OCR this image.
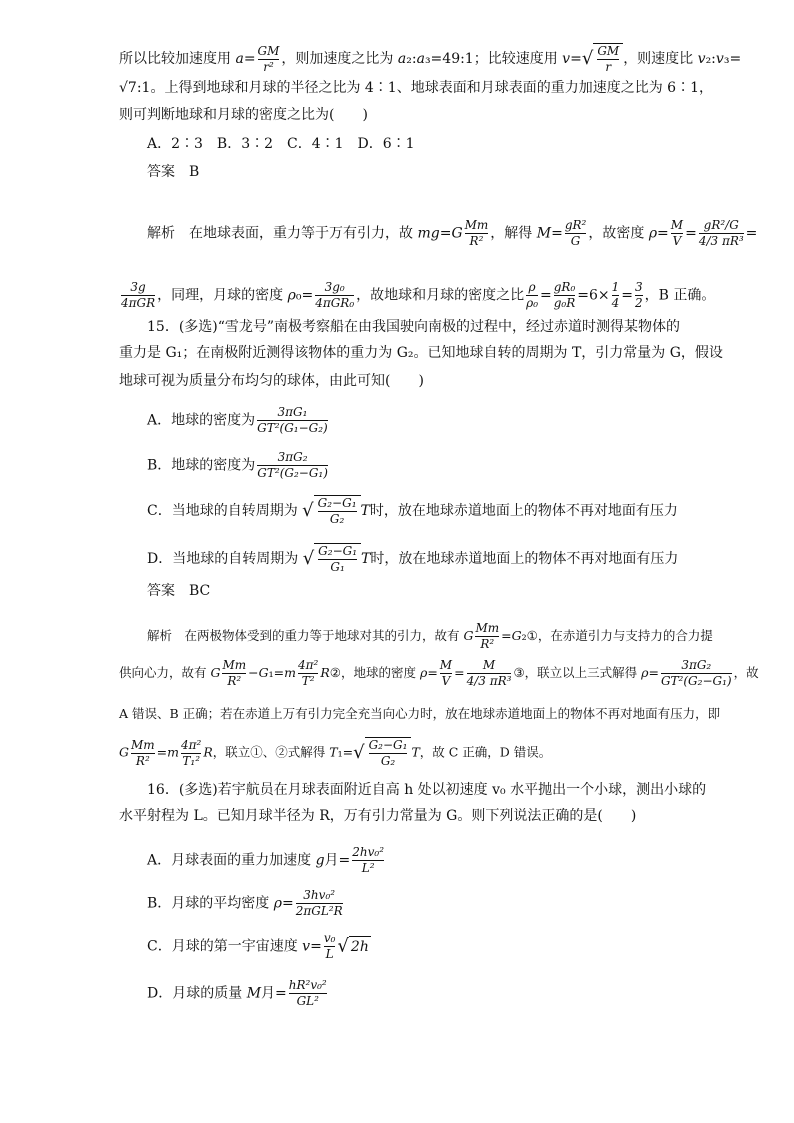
所以比较加速度用 $a= \frac{GM}{\text{r²}}$ ，则加速度之比为 a₂:a₃=49:1；比较速度用 $v=√ \frac{GM}{r}$ ，则速度比 v₂:v₃=
√7:1。上得到地球和月球的半径之比为 4∶1、地球表面和月球表面的重力加速度之比为 6∶1，
则可判断地球和月球的密度之比为(　　)
A．2∶3　B．3∶2　C．4∶1　D．6∶1
答案　B
解析　在地球表面，重力等于万有引力，故 $mg=G \frac{Mm}{\text{R²}}$ ，解得 $M= \frac{\text{gR²}}{G}$ ，故密度 $\rho= \frac{M}{V} = \frac{\text{gR²/G}}{\text{4/3 πR³}}$ =
$\frac{3g}{\text{4πGR}}$ ，同理，月球的密度 $\rho_0= \frac{\text{3g₀}}{\text{4πGR₀}}$ ，故地球和月球的密度之比 $\frac{\rho}{\text{ρ₀}} = \frac{\text{gR₀}}{\text{g₀R}} =6\times \frac{1}{4} = \frac{3}{2}$ ，B 正确。
15．(多选)“雪龙号”南极考察船在由我国驶向南极的过程中，经过赤道时测得某物体的
重力是 G₁；在南极附近测得该物体的重力为 G₂。已知地球自转的周期为 T，引力常量为 G，假设
地球可视为质量分布均匀的球体，由此可知(　　)
A．地球的密度为 $\frac{\text{3πG₁}}{\text{GT²(G₁−G₂)}}$
B．地球的密度为 $\frac{\text{3πG₂}}{\text{GT²(G₂−G₁)}}$
C．当地球的自转周期为 √ $\frac{\text{G₂−G₁}}{\text{G₂}}$ T时，放在地球赤道地面上的物体不再对地面有压力
D．当地球的自转周期为 √ $\frac{\text{G₂−G₁}}{\text{G₁}}$ T时，放在地球赤道地面上的物体不再对地面有压力
答案　BC
解析　在两极物体受到的重力等于地球对其的引力，故有 G $\frac{Mm}{\text{R²}}$ =G₂①，在赤道引力与支持力的合力提
供向心力，故有 G $\frac{Mm}{\text{R²}} -G_1=m \frac{\text{4π²}}{\text{T²}}$ R②，地球的密度 $\rho= \frac{M}{V} = \frac{M}{\text{4/3 πR³}}$ ③，联立以上三式解得 $\rho= \frac{\text{3πG₂}}{\text{GT²(G₂−G₁)}}$ ，故
A 错误、B 正确；若在赤道上万有引力完全充当向心力时，放在地球赤道地面上的物体不再对地面有压力，即
G $\frac{Mm}{\text{R²}} =m \frac{\text{4π²}}{\text{T₁²}}$ R，联立①、②式解得 $T_1=√ \frac{\text{G₂−G₁}}{\text{G₂}}$ T，故 C 正确，D 错误。
16．(多选)若宇航员在月球表面附近自高 h 处以初速度 v₀ 水平抛出一个小球，测出小球的
水平射程为 L。已知月球半径为 R，万有引力常量为 G。则下列说法正确的是(　　)
A．月球表面的重力加速度 g月= $\frac{\text{2hv₀²}}{\text{L²}}$
B．月球的平均密度 $\rho= \frac{\text{3hv₀²}}{\text{2πGL²R}}$
C．月球的第一宇宙速度 $v= \frac{\text{v₀}}{L}$ √ 2h
D．月球的质量 M月= $\frac{\text{hR²v₀²}}{\text{GL²}}$
